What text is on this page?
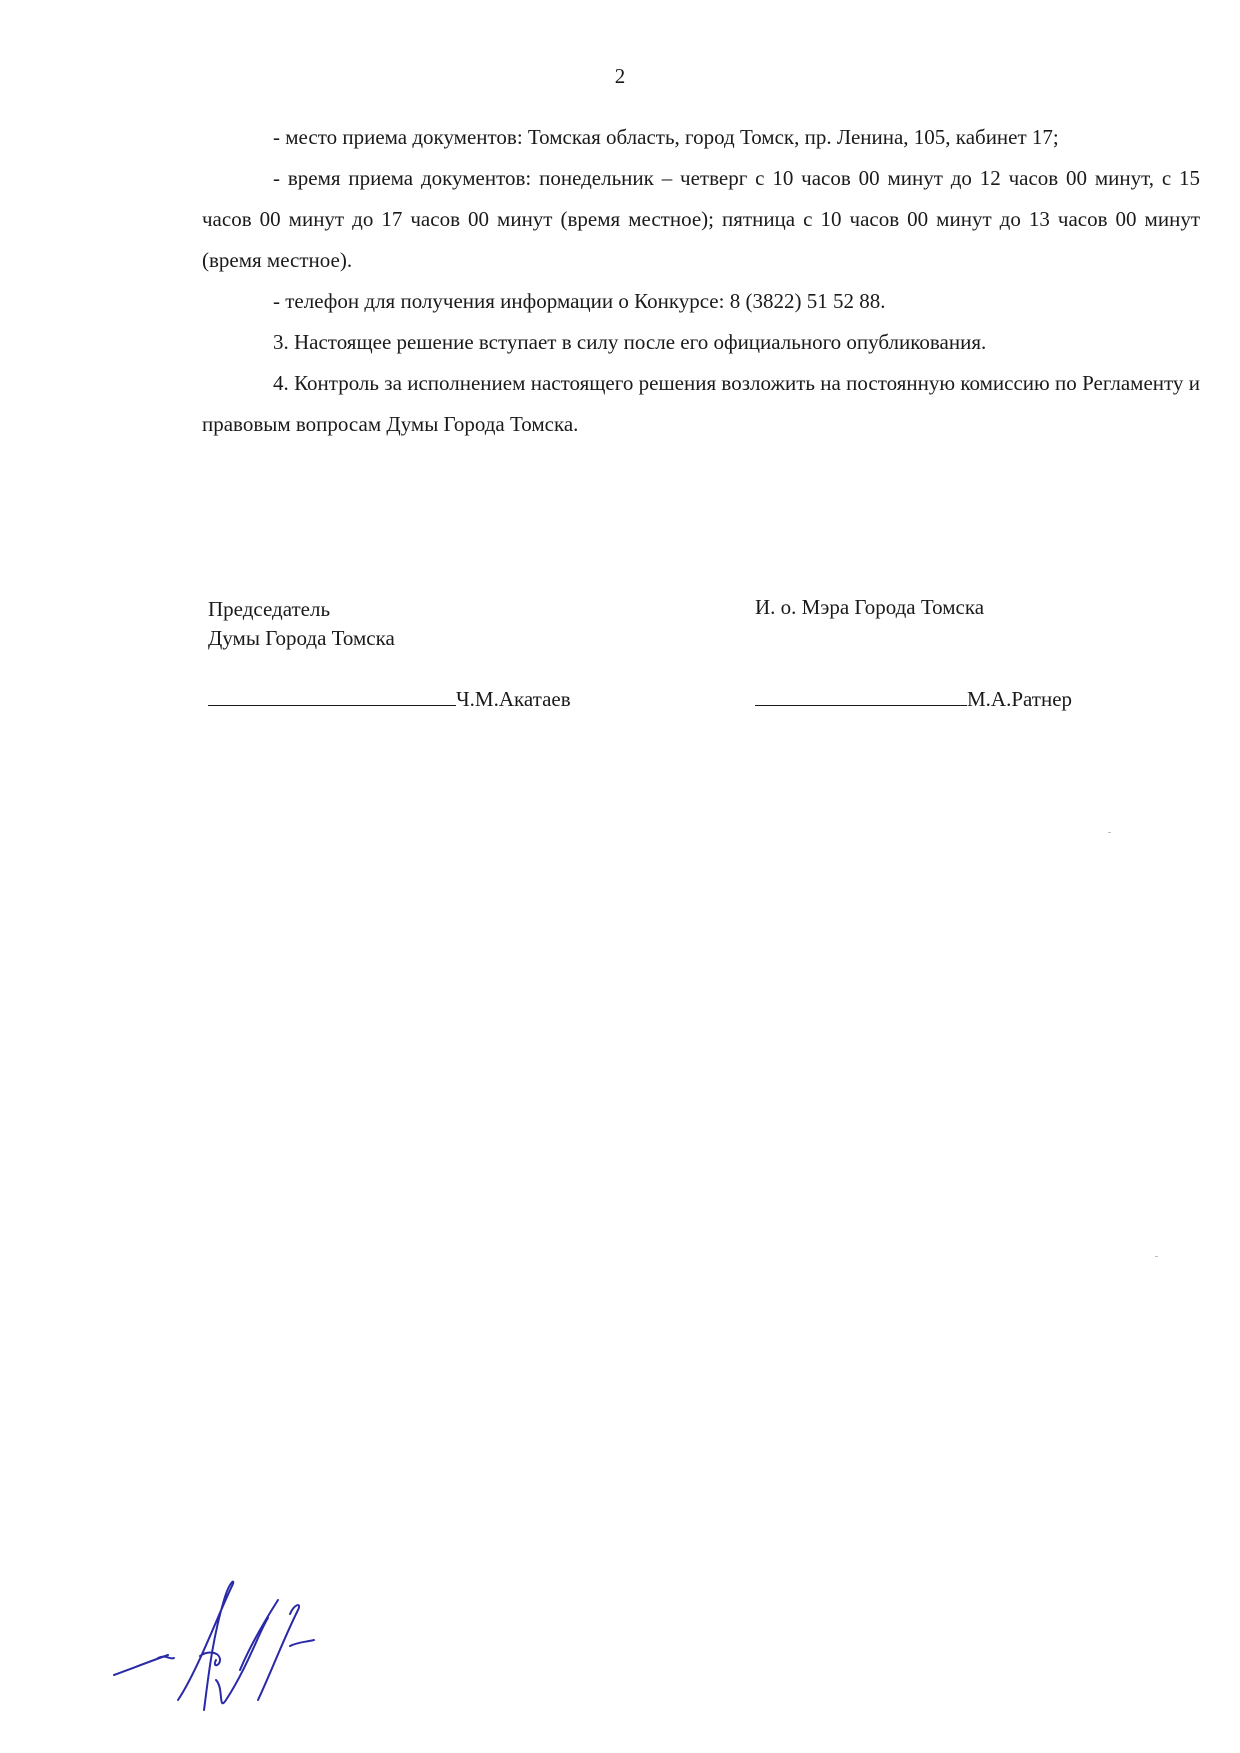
2

- место приема документов: Томская область, город Томск, пр. Ленина, 105, кабинет 17;

- время приема документов: понедельник – четверг с 10 часов 00 минут до 12 часов 00 минут, с 15 часов 00 минут до 17 часов 00 минут (время местное); пятница с 10 часов 00 минут до 13 часов 00 минут (время местное).

- телефон для получения информации о Конкурсе: 8 (3822) 51 52 88.

3. Настоящее решение вступает в силу после его официального опубликования.

4. Контроль за исполнением настоящего решения возложить на постоянную комиссию по Регламенту и правовым вопросам Думы Города Томска.

Председатель
Думы Города Томска
И. о. Мэра Города Томска
Ч.М.Акатаев	М.А.Ратнер
